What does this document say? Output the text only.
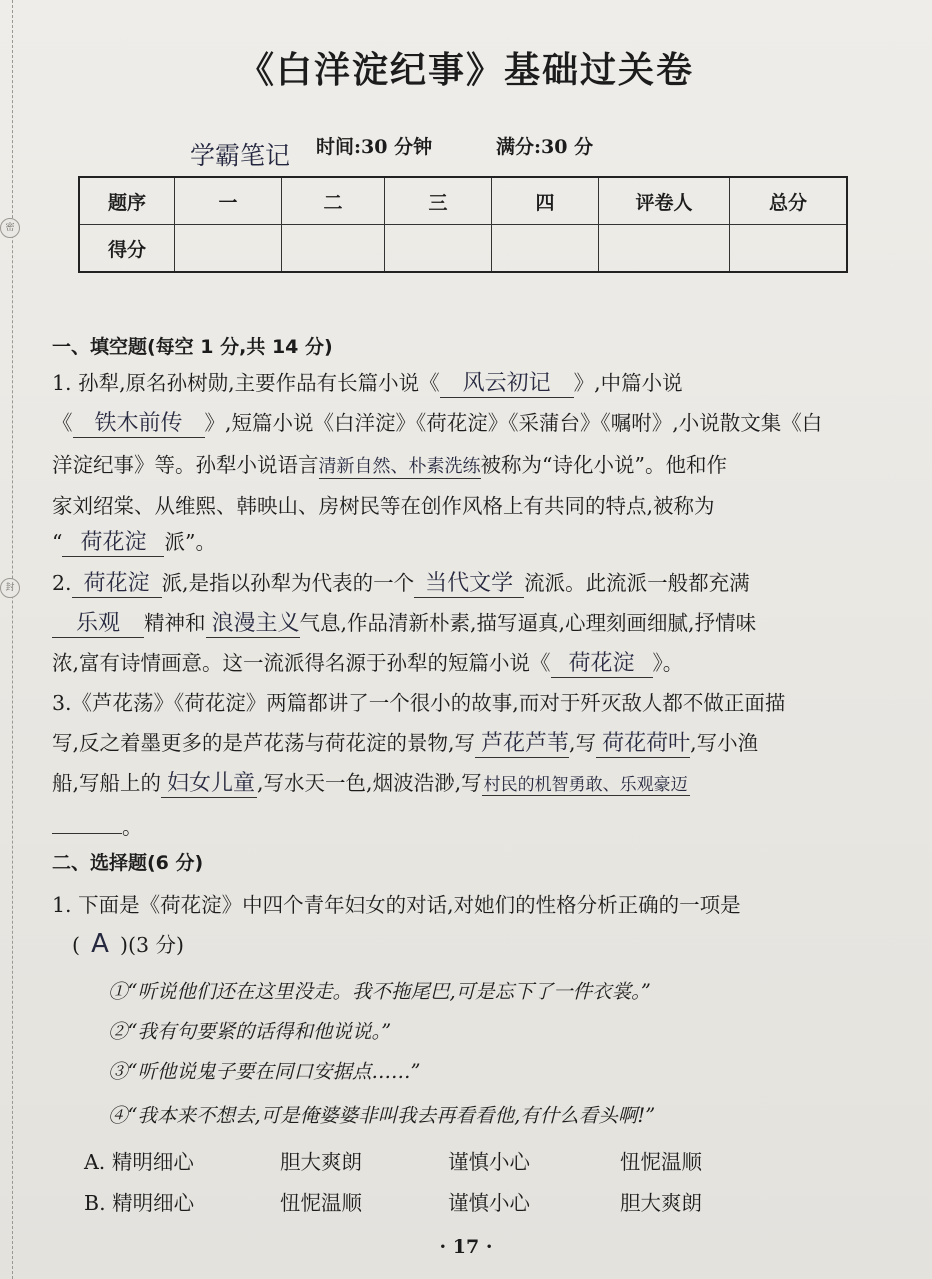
密
封
《白洋淀纪事》基础过关卷
学霸笔记 时间:30 分钟	满分:30 分
题序	一	二	三	四	评卷人	总分
得分						
一、填空题(每空 1 分,共 14 分)
1. 孙犁,原名孙树勋,主要作品有长篇小说《 风云初记 》,中篇小说
《 铁木前传 》,短篇小说《白洋淀》《荷花淀》《采蒲台》《嘱咐》,小说散文集《白
洋淀纪事》等。孙犁小说语言清新自然、朴素洗练被称为“诗化小说”。他和作
家刘绍棠、从维熙、韩映山、房树民等在创作风格上有共同的特点,被称为
“ 荷花淀 派”。
2. 荷花淀 派,是指以孙犁为代表的一个 当代文学 流派。此流派一般都充满
乐观 精神和 浪漫主义气息,作品清新朴素,描写逼真,心理刻画细腻,抒情味
浓,富有诗情画意。这一流派得名源于孙犁的短篇小说《 荷花淀 》。
3.《芦花荡》《荷花淀》两篇都讲了一个很小的故事,而对于歼灭敌人都不做正面描
写,反之着墨更多的是芦花荡与荷花淀的景物,写 芦花芦苇,写 荷花荷叶,写小渔
船,写船上的 妇女儿童,写水天一色,烟波浩渺,写 村民的机智勇敢、乐观豪迈
。
二、选择题(6 分)
1. 下面是《荷花淀》中四个青年妇女的对话,对她们的性格分析正确的一项是
( A )(3 分)
①“听说他们还在这里没走。我不拖尾巴,可是忘下了一件衣裳。”
②“我有句要紧的话得和他说说。”
③“听他说鬼子要在同口安据点……”
④“我本来不想去,可是俺婆婆非叫我去再看看他,有什么看头啊!”
A. 精明细心	胆大爽朗	谨慎小心	忸怩温顺
B. 精明细心	忸怩温顺	谨慎小心	胆大爽朗
· 17 ·
